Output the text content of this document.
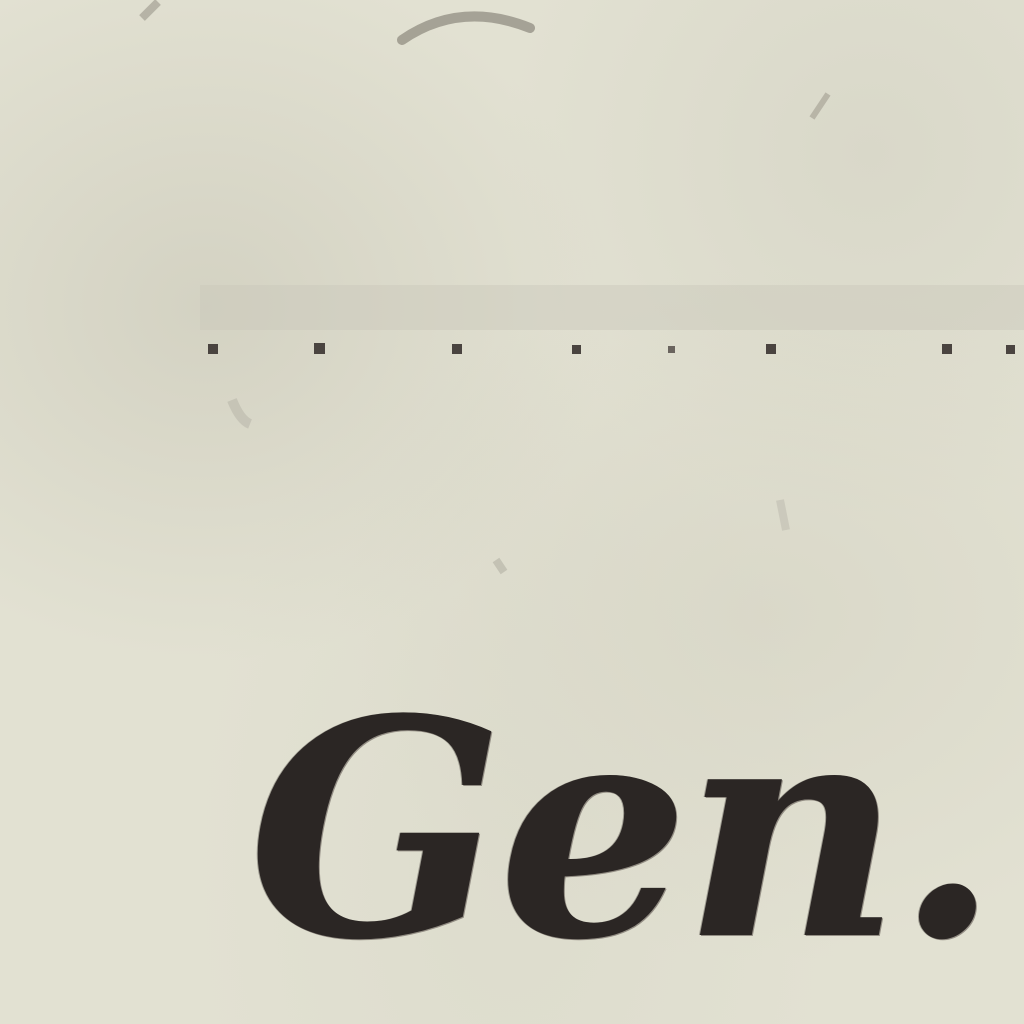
Gen.
